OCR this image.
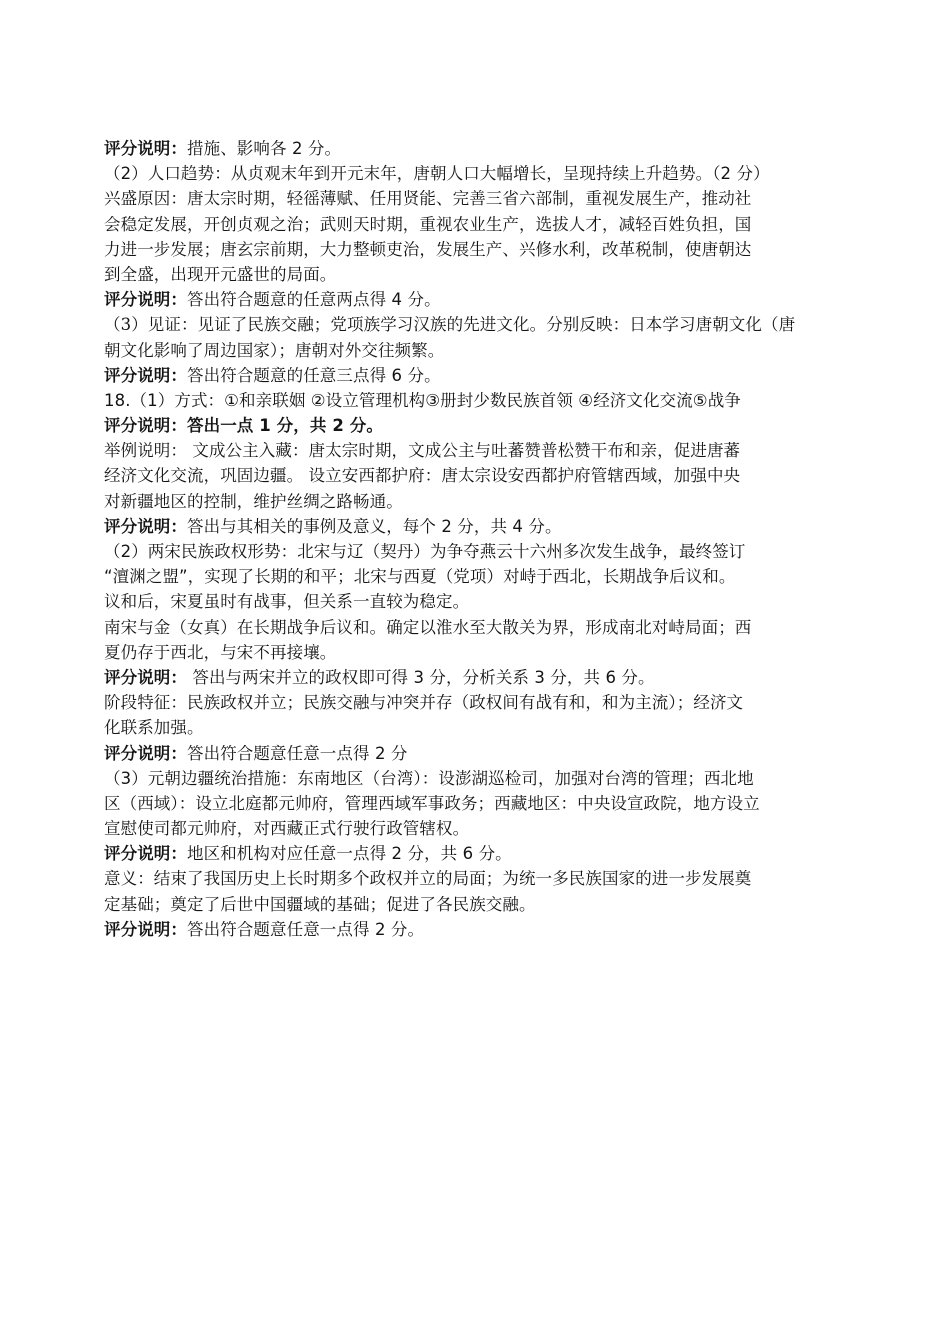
评分说明：措施、影响各 2 分。
（2）人口趋势：从贞观末年到开元末年，唐朝人口大幅增长，呈现持续上升趋势。（2 分）
兴盛原因：唐太宗时期，轻徭薄赋、任用贤能、完善三省六部制，重视发展生产，推动社
会稳定发展，开创贞观之治；武则天时期，重视农业生产，选拔人才，减轻百姓负担，国
力进一步发展；唐玄宗前期，大力整顿吏治，发展生产、兴修水利，改革税制，使唐朝达
到全盛，出现开元盛世的局面。
评分说明：答出符合题意的任意两点得 4 分。
（3）见证：见证了民族交融；党项族学习汉族的先进文化。分别反映：日本学习唐朝文化（唐
朝文化影响了周边国家）；唐朝对外交往频繁。
评分说明：答出符合题意的任意三点得 6 分。
18.（1）方式：①和亲联姻 ②设立管理机构③册封少数民族首领 ④经济文化交流⑤战争
评分说明：答出一点 1 分，共 2 分。
举例说明： 文成公主入藏：唐太宗时期，文成公主与吐蕃赞普松赞干布和亲，促进唐蕃
经济文化交流，巩固边疆。 设立安西都护府：唐太宗设安西都护府管辖西域，加强中央
对新疆地区的控制，维护丝绸之路畅通。
评分说明：答出与其相关的事例及意义，每个 2 分，共 4 分。
（2）两宋民族政权形势：北宋与辽（契丹）为争夺燕云十六州多次发生战争，最终签订
“澶渊之盟”，实现了长期的和平；北宋与西夏（党项）对峙于西北，长期战争后议和。
议和后，宋夏虽时有战事，但关系一直较为稳定。
南宋与金（女真）在长期战争后议和。确定以淮水至大散关为界，形成南北对峙局面；西
夏仍存于西北，与宋不再接壤。
评分说明： 答出与两宋并立的政权即可得 3 分，分析关系 3 分，共 6 分。
阶段特征：民族政权并立；民族交融与冲突并存（政权间有战有和，和为主流）；经济文
化联系加强。
评分说明：答出符合题意任意一点得 2 分
（3）元朝边疆统治措施：东南地区（台湾）：设澎湖巡检司，加强对台湾的管理；西北地
区（西域）：设立北庭都元帅府，管理西域军事政务；西藏地区：中央设宣政院，地方设立
宣慰使司都元帅府，对西藏正式行驶行政管辖权。
评分说明：地区和机构对应任意一点得 2 分，共 6 分。
意义：结束了我国历史上长时期多个政权并立的局面；为统一多民族国家的进一步发展奠
定基础；奠定了后世中国疆域的基础；促进了各民族交融。
评分说明：答出符合题意任意一点得 2 分。
